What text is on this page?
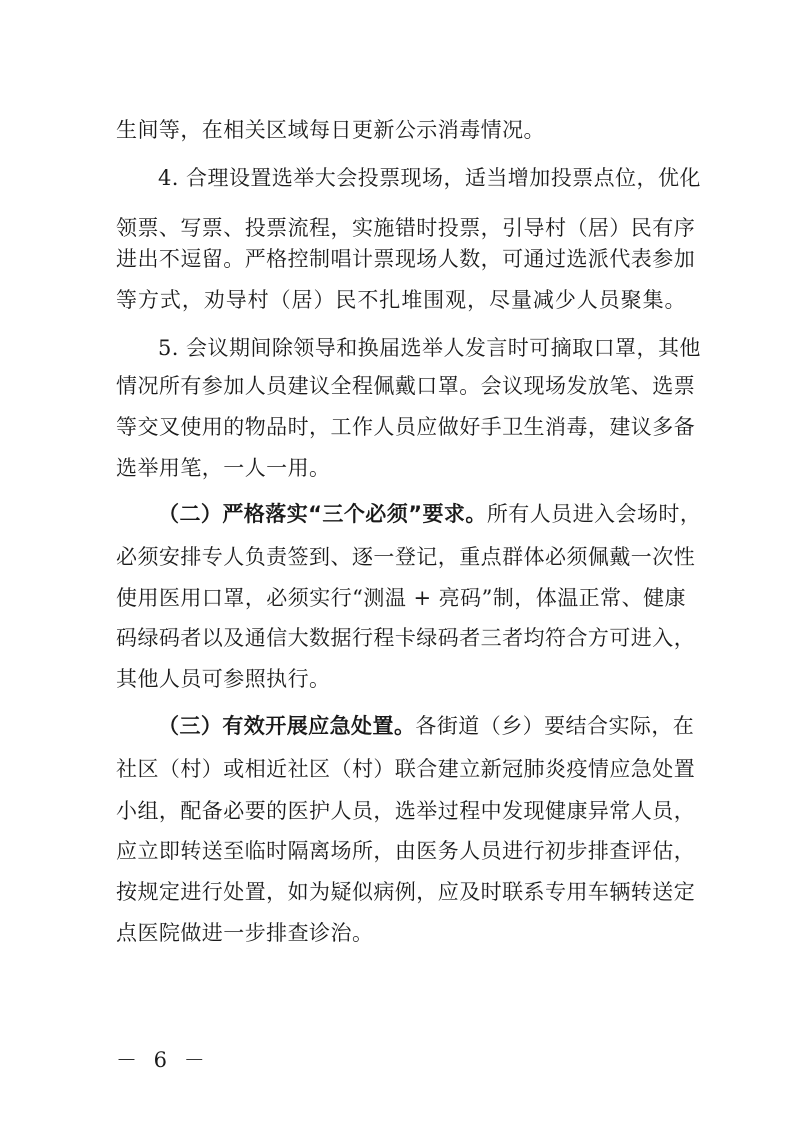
生间等，在相关区域每日更新公示消毒情况。
4. 合理设置选举大会投票现场，适当增加投票点位，优化
领票、写票、投票流程，实施错时投票，引导村（居）民有序
进出不逗留。严格控制唱计票现场人数，可通过选派代表参加
等方式，劝导村（居）民不扎堆围观，尽量减少人员聚集。
5. 会议期间除领导和换届选举人发言时可摘取口罩，其他
情况所有参加人员建议全程佩戴口罩。会议现场发放笔、选票
等交叉使用的物品时，工作人员应做好手卫生消毒，建议多备
选举用笔，一人一用。
（二）严格落实“三个必须”要求。所有人员进入会场时，
必须安排专人负责签到、逐一登记，重点群体必须佩戴一次性
使用医用口罩，必须实行“测温 + 亮码”制，体温正常、健康
码绿码者以及通信大数据行程卡绿码者三者均符合方可进入，
其他人员可参照执行。
（三）有效开展应急处置。各街道（乡）要结合实际，在
社区（村）或相近社区（村）联合建立新冠肺炎疫情应急处置
小组，配备必要的医护人员，选举过程中发现健康异常人员，
应立即转送至临时隔离场所，由医务人员进行初步排查评估，
按规定进行处置，如为疑似病例，应及时联系专用车辆转送定
点医院做进一步排查诊治。
－ 6 －
